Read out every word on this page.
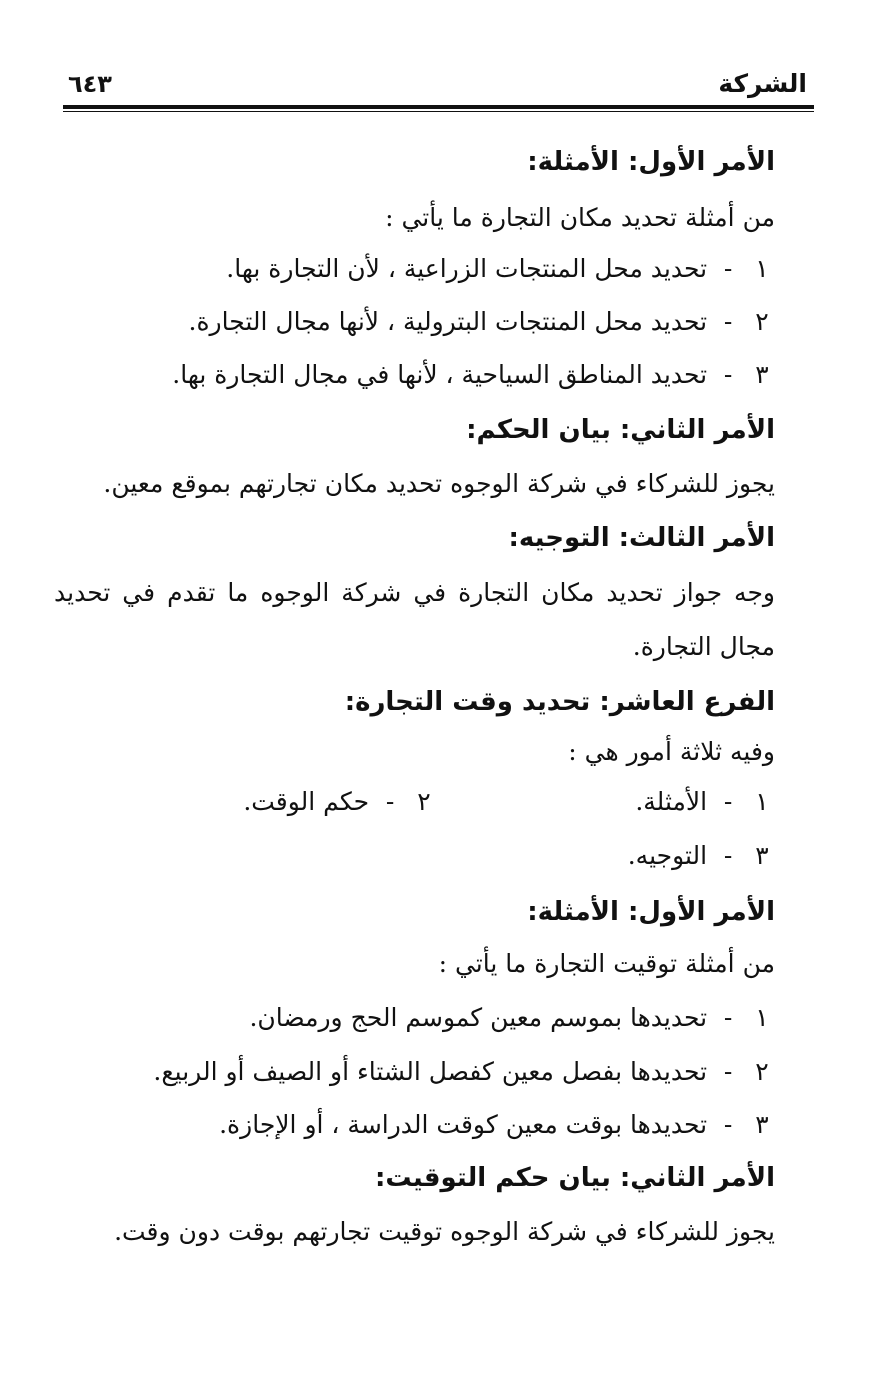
الشركة
٦٤٣
الأمر الأول: الأمثلة:
من أمثلة تحديد مكان التجارة ما يأتي :
١ - تحديد محل المنتجات الزراعية ، لأن التجارة بها.
٢ - تحديد محل المنتجات البترولية ، لأنها مجال التجارة.
٣ - تحديد المناطق السياحية ، لأنها في مجال التجارة بها.
الأمر الثاني: بيان الحكم:
يجوز للشركاء في شركة الوجوه تحديد مكان تجارتهم بموقع معين.
الأمر الثالث: التوجيه:
وجه جواز تحديد مكان التجارة في شركة الوجوه ما تقدم في تحديد مجال التجارة.
الفرع العاشر: تحديد وقت التجارة:
وفيه ثلاثة أمور هي :
١ - الأمثلة.
٢ - حكم الوقت.
٣ - التوجيه.
الأمر الأول: الأمثلة:
من أمثلة توقيت التجارة ما يأتي :
١ - تحديدها بموسم معين كموسم الحج ورمضان.
٢ - تحديدها بفصل معين كفصل الشتاء أو الصيف أو الربيع.
٣ - تحديدها بوقت معين كوقت الدراسة ، أو الإجازة.
الأمر الثاني: بيان حكم التوقيت:
يجوز للشركاء في شركة الوجوه توقيت تجارتهم بوقت دون وقت.
